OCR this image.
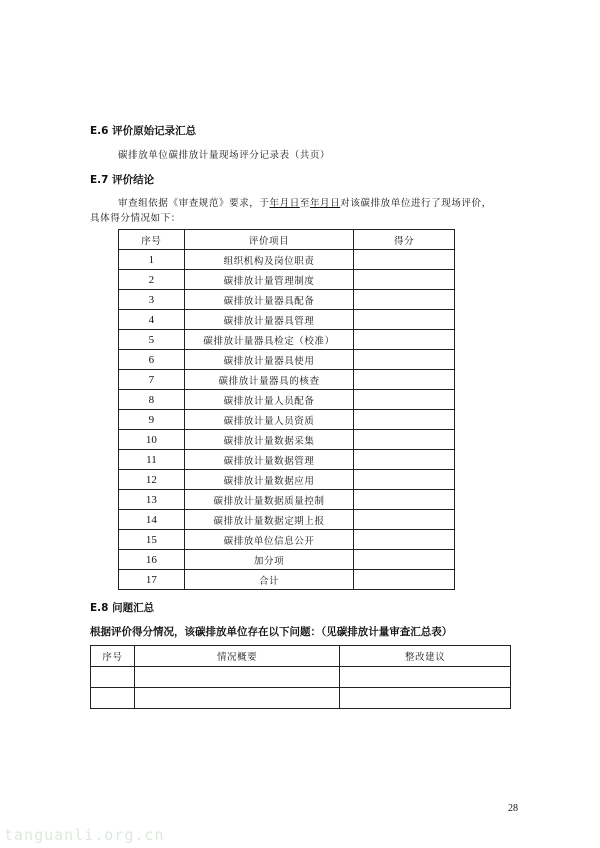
E.6 评价原始记录汇总
碳排放单位碳排放计量现场评分记录表（共页）
E.7 评价结论
审查组依据《审查规范》要求，于年月日至年月日对该碳排放单位进行了现场评价，
具体得分情况如下：
序号	评价项目	得分
1	组织机构及岗位职责	
2	碳排放计量管理制度	
3	碳排放计量器具配备	
4	碳排放计量器具管理	
5	碳排放计量器具检定（校准）	
6	碳排放计量器具使用	
7	碳排放计量器具的核查	
8	碳排放计量人员配备	
9	碳排放计量人员资质	
10	碳排放计量数据采集	
11	碳排放计量数据管理	
12	碳排放计量数据应用	
13	碳排放计量数据质量控制	
14	碳排放计量数据定期上报	
15	碳排放单位信息公开	
16	加分项	
17	合计	
E.8 问题汇总
根据评价得分情况，该碳排放单位存在以下问题：（见碳排放计量审查汇总表）
序号	情况概要	整改建议

28
tanguanli.org.cn
